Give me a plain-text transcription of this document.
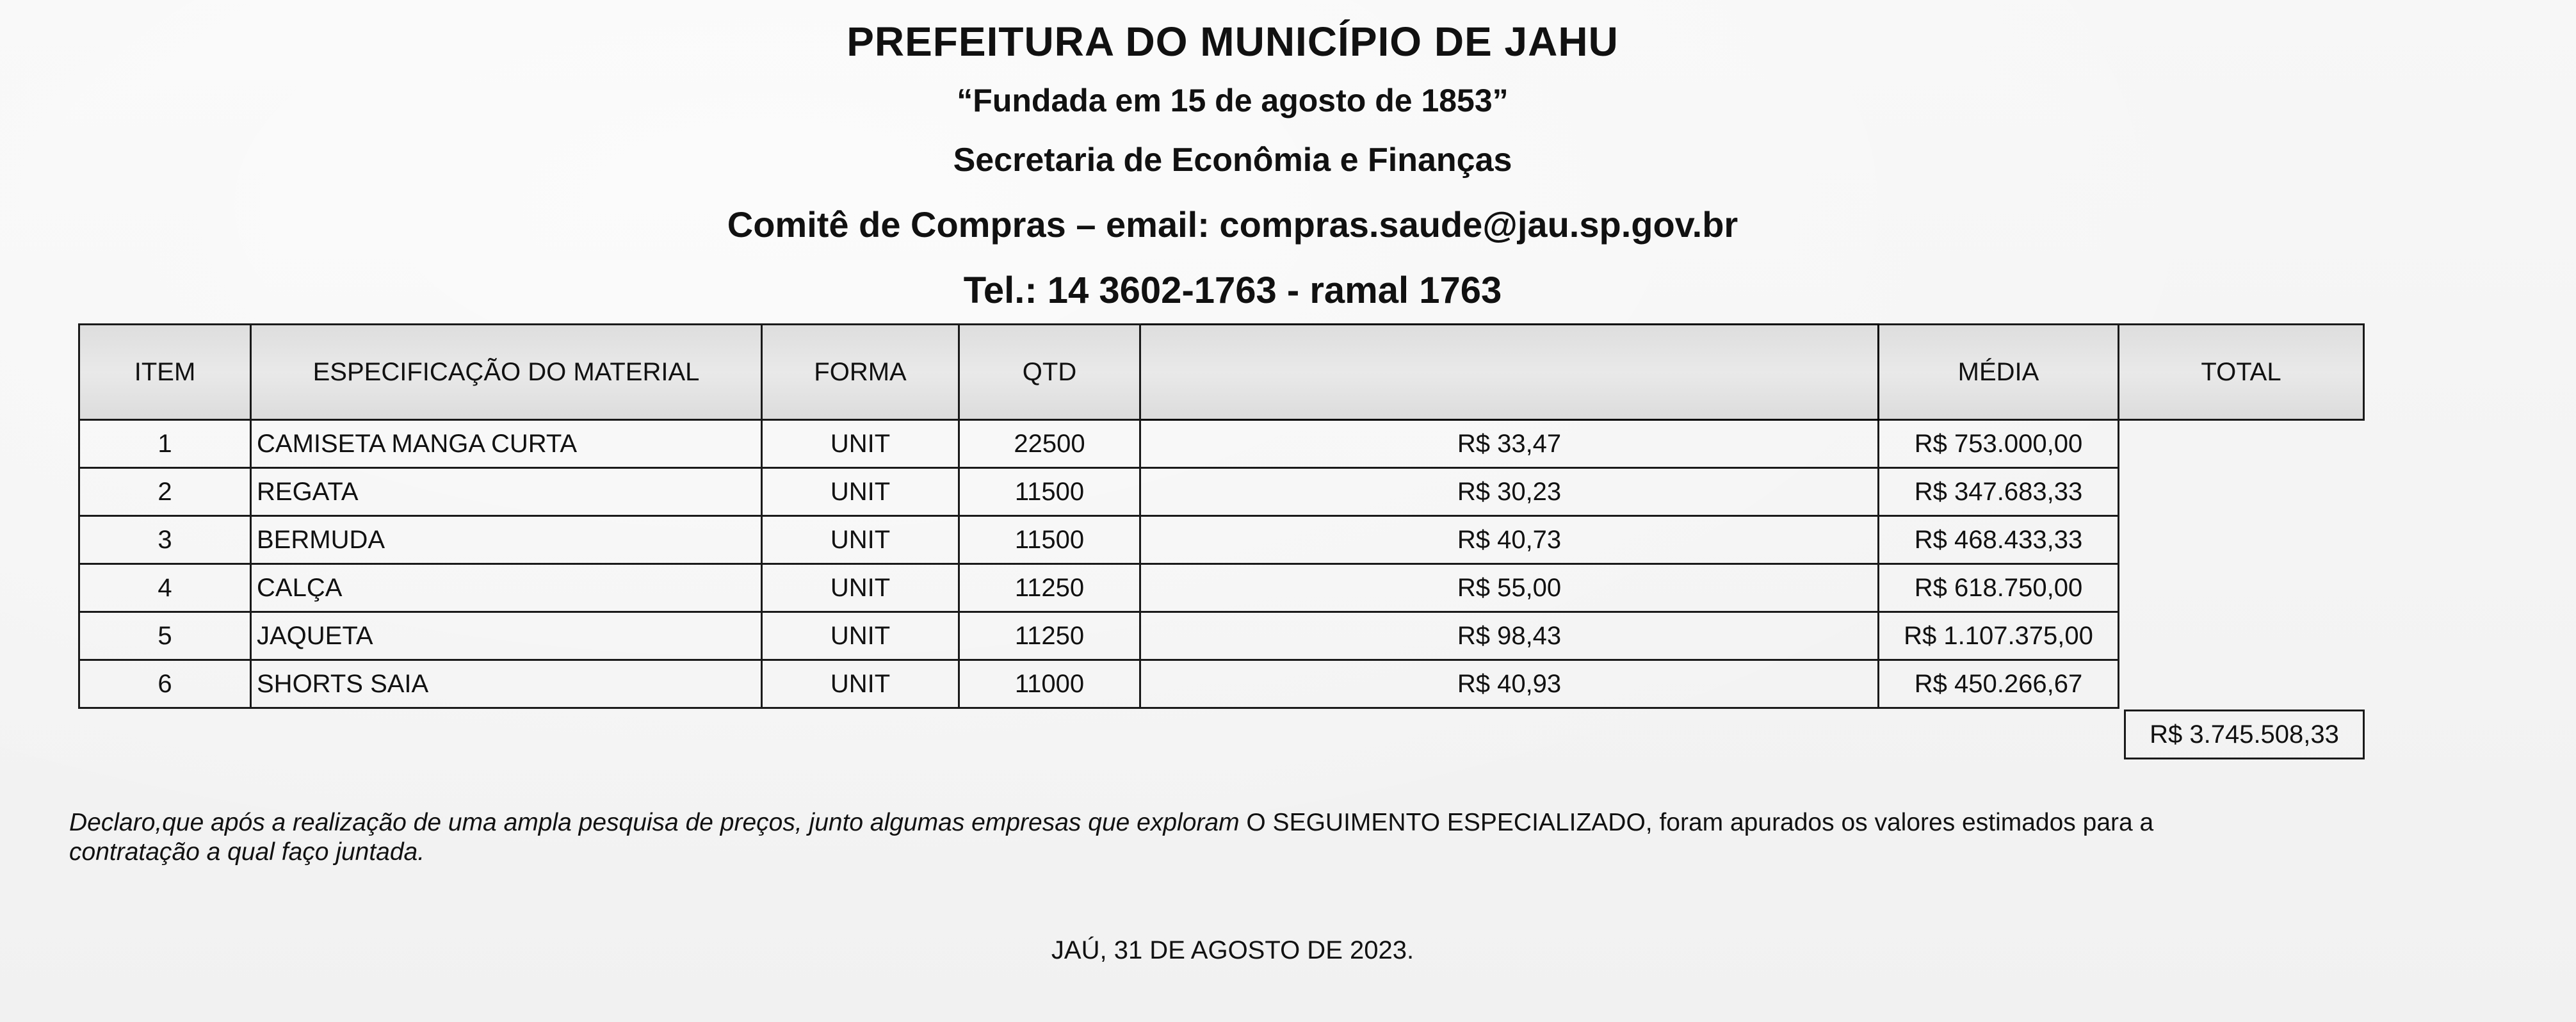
PREFEITURA DO MUNICÍPIO DE JAHU
“Fundada em 15 de agosto de 1853”
Secretaria de Econômia e Finanças
Comitê de Compras – email: compras.saude@jau.sp.gov.br
Tel.: 14 3602-1763 - ramal 1763
ITEM	ESPECIFICAÇÃO DO MATERIAL	FORMA	QTD		MÉDIA	TOTAL
1	CAMISETA MANGA CURTA	UNIT	22500	R$ 33,47	R$ 753.000,00	
2	REGATA	UNIT	11500	R$ 30,23	R$ 347.683,33	
3	BERMUDA	UNIT	11500	R$ 40,73	R$ 468.433,33	
4	CALÇA	UNIT	11250	R$ 55,00	R$ 618.750,00	
5	JAQUETA	UNIT	11250	R$ 98,43	R$ 1.107.375,00	
6	SHORTS SAIA	UNIT	11000	R$ 40,93	R$ 450.266,67	
R$ 3.745.508,33
Declaro,que após a realização de uma ampla pesquisa de preços, junto algumas empresas que exploram O SEGUIMENTO ESPECIALIZADO, foram apurados os valores estimados para a
contratação a qual faço juntada.
JAÚ, 31 DE AGOSTO DE 2023.
